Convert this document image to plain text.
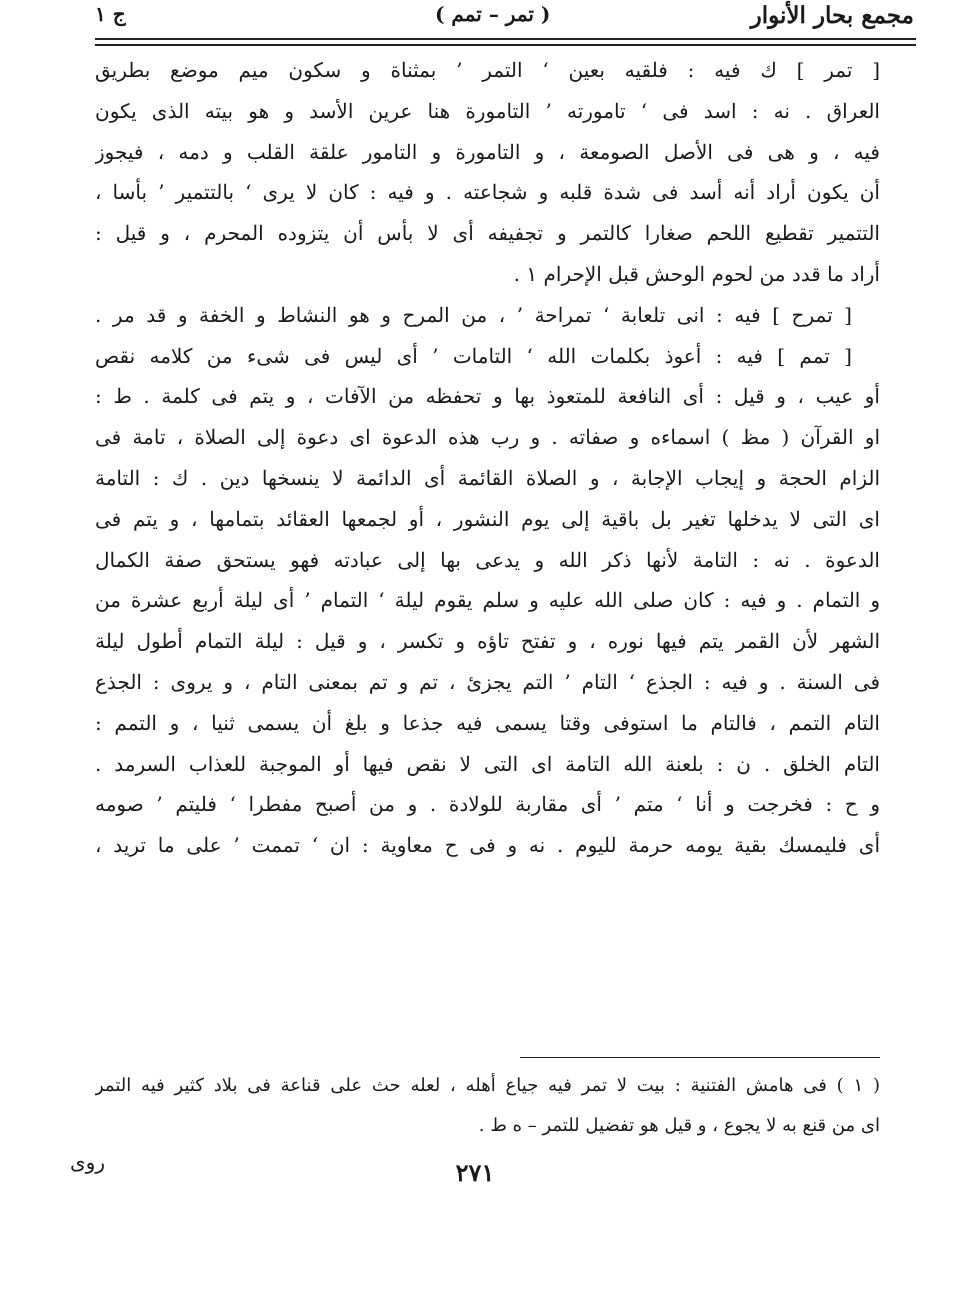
مجمع بحار الأنوار
( تمر – تمم )
ج ١
[ تمر ] ك فيه : فلقيه بعين ‘ التمر ’ بمثناة و سكون ميم موضع بطريق
العراق . نه : اسد فى ‘ تامورته ’ التامورة هنا عرين الأسد و هو بيته الذى يكون
فيه ، و هى فى الأصل الصومعة ، و التامورة و التامور علقة القلب و دمه ، فيجوز
أن يكون أراد أنه أسد فى شدة قلبه و شجاعته . و فيه : كان لا يرى ‘ بالتتمير ’ بأسا ،
التتمير تقطيع اللحم صغارا كالتمر و تجفيفه أى لا بأس أن يتزوده المحرم ، و قيل :
أراد ما قدد من لحوم الوحش قبل الإحرام ١ .
[ تمرح ] فيه : انى تلعابة ‘ تمراحة ’ ، من المرح و هو النشاط و الخفة و قد مر .
[ تمم ] فيه : أعوذ بكلمات الله ‘ التامات ’ أى ليس فى شىء من كلامه نقص
أو عيب ، و قيل : أى النافعة للمتعوذ بها و تحفظه من الآفات ، و يتم فى كلمة . ط :
او القرآن ( مظ ) اسماءه و صفاته . و رب هذه الدعوة اى دعوة إلى الصلاة ، تامة فى
الزام الحجة و إيجاب الإجابة ، و الصلاة القائمة أى الدائمة لا ينسخها دين . ك : التامة
اى التى لا يدخلها تغير بل باقية إلى يوم النشور ، أو لجمعها العقائد بتمامها ، و يتم فى
الدعوة . نه : التامة لأنها ذكر الله و يدعى بها إلى عبادته فهو يستحق صفة الكمال
و التمام . و فيه : كان صلى الله عليه و سلم يقوم ليلة ‘ التمام ’ أى ليلة أربع عشرة من
الشهر لأن القمر يتم فيها نوره ، و تفتح تاؤه و تكسر ، و قيل : ليلة التمام أطول ليلة
فى السنة . و فيه : الجذع ‘ التام ’ التم يجزئ ، تم و تم بمعنى التام ، و يروى : الجذع
التام التمم ، فالتام ما استوفى وقتا يسمى فيه جذعا و بلغ أن يسمى ثنيا ، و التمم :
التام الخلق . ن : بلعنة الله التامة اى التى لا نقص فيها أو الموجبة للعذاب السرمد .
و ح : فخرجت و أنا ‘ متم ’ أى مقاربة للولادة . و من أصبح مفطرا ‘ فليتم ’ صومه
أى فليمسك بقية يومه حرمة لليوم . نه و فى ح معاوية : ان ‘ تممت ’ على ما تريد ،
( ١ ) فى هامش الفتنية : بيت لا تمر فيه جياع أهله ، لعله حث على قناعة فى بلاد كثير فيه التمر
اى من قنع به لا يجوع ، و قيل هو تفضيل للتمر – ه ط .
روى	٢٧١
